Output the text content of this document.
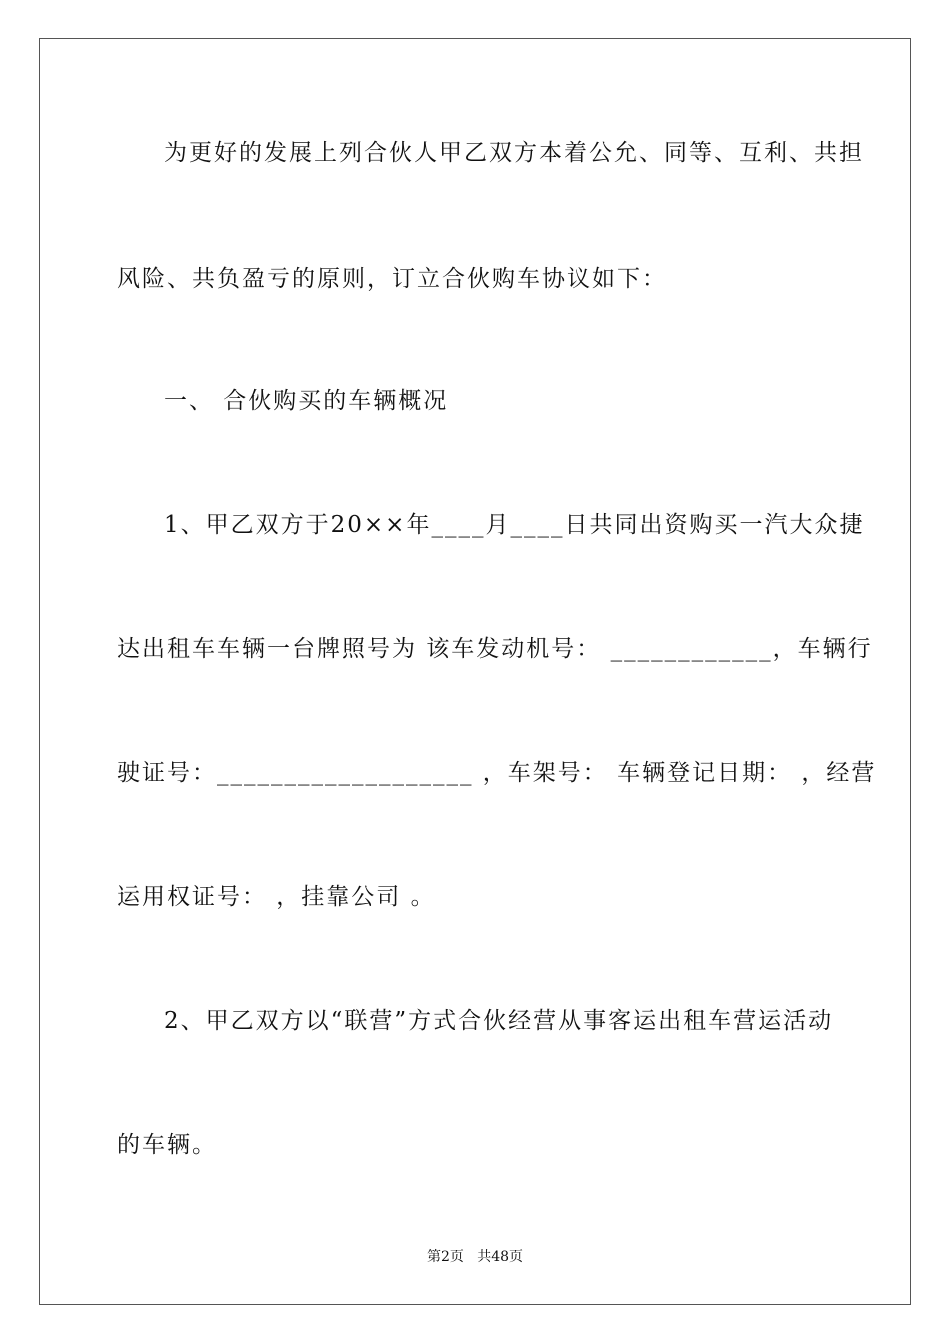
为更好的发展上列合伙人甲乙双方本着公允、同等、互利、共担
风险、共负盈亏的原则，订立合伙购车协议如下：
一、 合伙购买的车辆概况
1、甲乙双方于20××年____月____日共同出资购买一汽大众捷
达出租车车辆一台牌照号为 该车发动机号： ____________，车辆行
驶证号：___________________ ，车架号： 车辆登记日期： ，经营
运用权证号： ，挂靠公司 。
2、甲乙双方以“联营”方式合伙经营从事客运出租车营运活动
的车辆。
第2页   共48页
